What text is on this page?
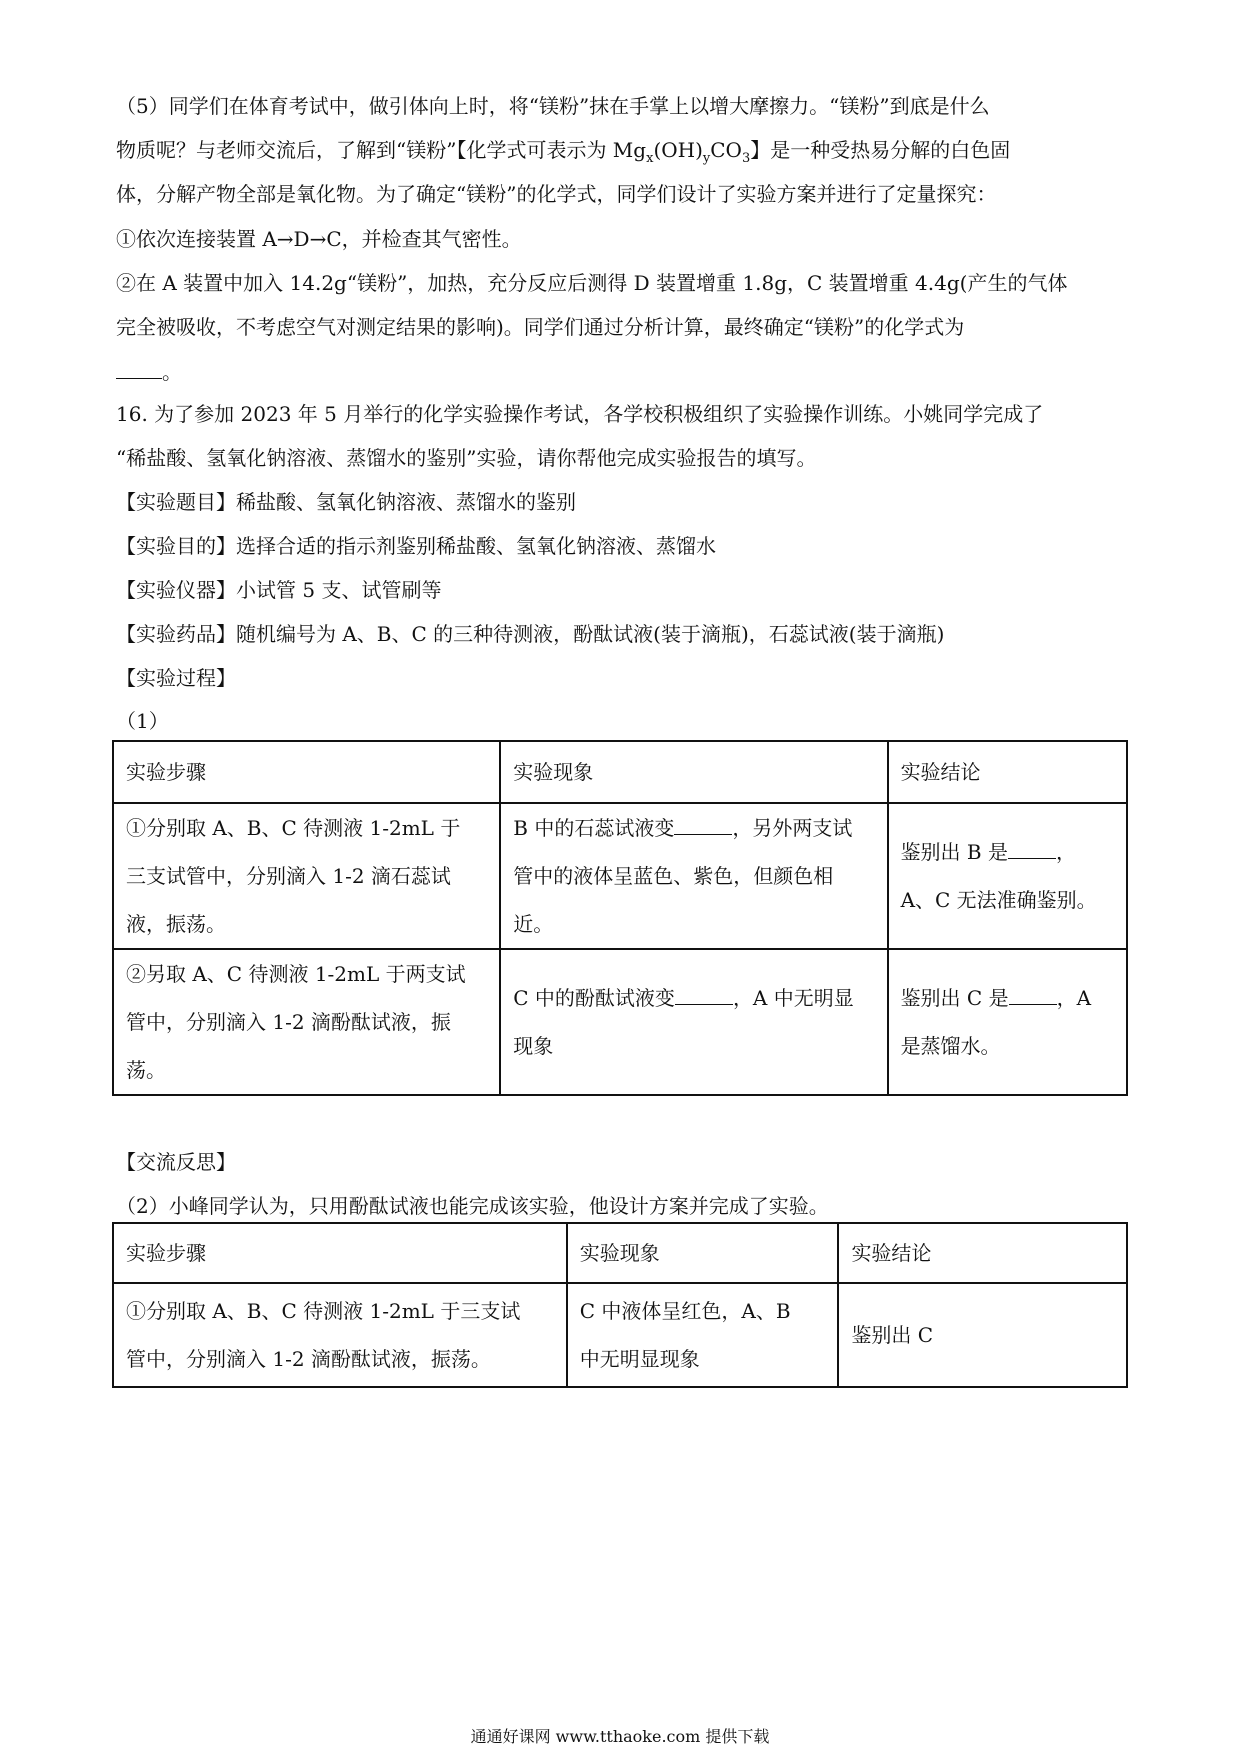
（5）同学们在体育考试中，做引体向上时，将“镁粉”抹在手掌上以增大摩擦力。“镁粉”到底是什么
物质呢？与老师交流后，了解到“镁粉”【化学式可表示为 $Mg_x(OH)_yCO_3$】是一种受热易分解的白色固
体，分解产物全部是氧化物。为了确定“镁粉”的化学式，同学们设计了实验方案并进行了定量探究：
①依次连接装置 A→D→C，并检查其气密性。
②在 A 装置中加入 14.2g“镁粉”，加热，充分反应后测得 D 装置增重 1.8g，C 装置增重 4.4g(产生的气体
完全被吸收，不考虑空气对测定结果的影响)。同学们通过分析计算，最终确定“镁粉”的化学式为
。
16. 为了参加 2023 年 5 月举行的化学实验操作考试，各学校积极组织了实验操作训练。小姚同学完成了
“稀盐酸、氢氧化钠溶液、蒸馏水的鉴别”实验，请你帮他完成实验报告的填写。
【实验题目】稀盐酸、氢氧化钠溶液、蒸馏水的鉴别
【实验目的】选择合适的指示剂鉴别稀盐酸、氢氧化钠溶液、蒸馏水
【实验仪器】小试管 5 支、试管刷等
【实验药品】随机编号为 A、B、C 的三种待测液，酚酞试液(装于滴瓶)，石蕊试液(装于滴瓶)
【实验过程】
（1）
实验步骤	实验现象	实验结论

①分别取 A、B、C 待测液 1-2mL 于
三支试管中，分别滴入 1-2 滴石蕊试
液，振荡。	B 中的石蕊试液变 ，另外两支试
管中的液体呈蓝色、紫色，但颜色相
近。	鉴别出 B 是 ，
A、C 无法准确鉴别。

②另取 A、C 待测液 1-2mL 于两支试
管中，分别滴入 1-2 滴酚酞试液，振
荡。	C 中的酚酞试液变 ，A 中无明显
现象	鉴别出 C 是 ，A
是蒸馏水。
【交流反思】
（2）小峰同学认为，只用酚酞试液也能完成该实验，他设计方案并完成了实验。
实验步骤	实验现象	实验结论

①分别取 A、B、C 待测液 1-2mL 于三支试
管中，分别滴入 1-2 滴酚酞试液，振荡。	C 中液体呈红色，A、B
中无明显现象	鉴别出 C
通通好课网 www.tthaoke.com 提供下载
